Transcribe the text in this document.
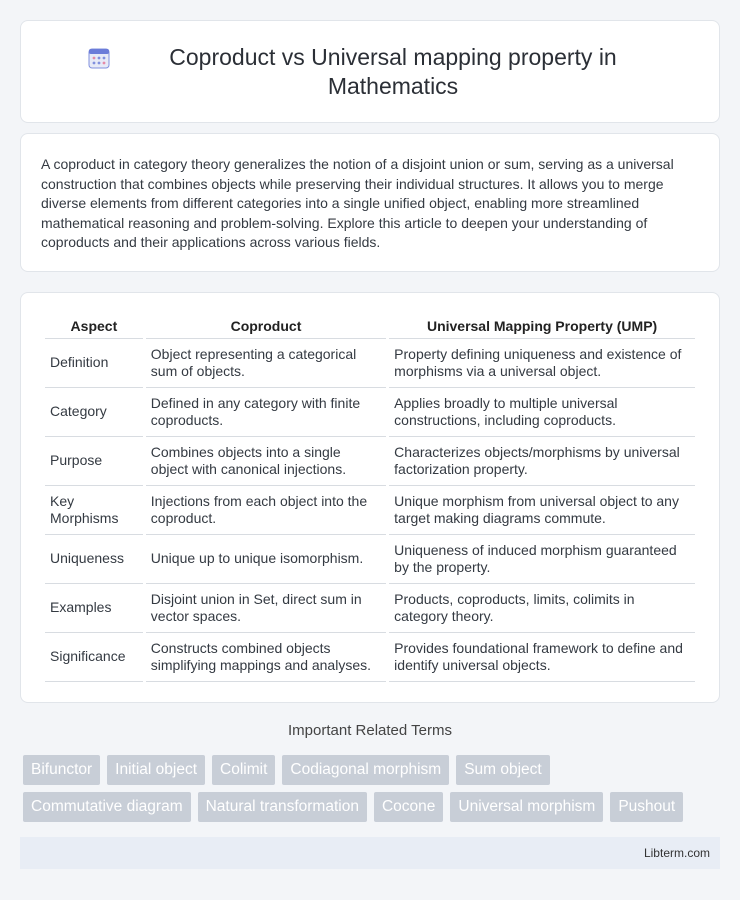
Coproduct vs Universal mapping property in Mathematics

A coproduct in category theory generalizes the notion of a disjoint union or sum, serving as a universal construction that combines objects while preserving their individual structures. It allows you to merge diverse elements from different categories into a single unified object, enabling more streamlined mathematical reasoning and problem-solving. Explore this article to deepen your understanding of coproducts and their applications across various fields.

Aspect	Coproduct	Universal Mapping Property (UMP)
Definition	Object representing a categorical sum of objects.	Property defining uniqueness and existence of morphisms via a universal object.
Category	Defined in any category with finite coproducts.	Applies broadly to multiple universal constructions, including coproducts.
Purpose	Combines objects into a single object with canonical injections.	Characterizes objects/morphisms by universal factorization property.
Key Morphisms	Injections from each object into the coproduct.	Unique morphism from universal object to any target making diagrams commute.
Uniqueness	Unique up to unique isomorphism.	Uniqueness of induced morphism guaranteed by the property.
Examples	Disjoint union in Set, direct sum in vector spaces.	Products, coproducts, limits, colimits in category theory.
Significance	Constructs combined objects simplifying mappings and analyses.	Provides foundational framework to define and identify universal objects.
Important Related Terms
Bifunctor	Initial object	Colimit	Codiagonal morphism	Sum object
Commutative diagram	Natural transformation	Cocone	Universal morphism	Pushout
Libterm.com
